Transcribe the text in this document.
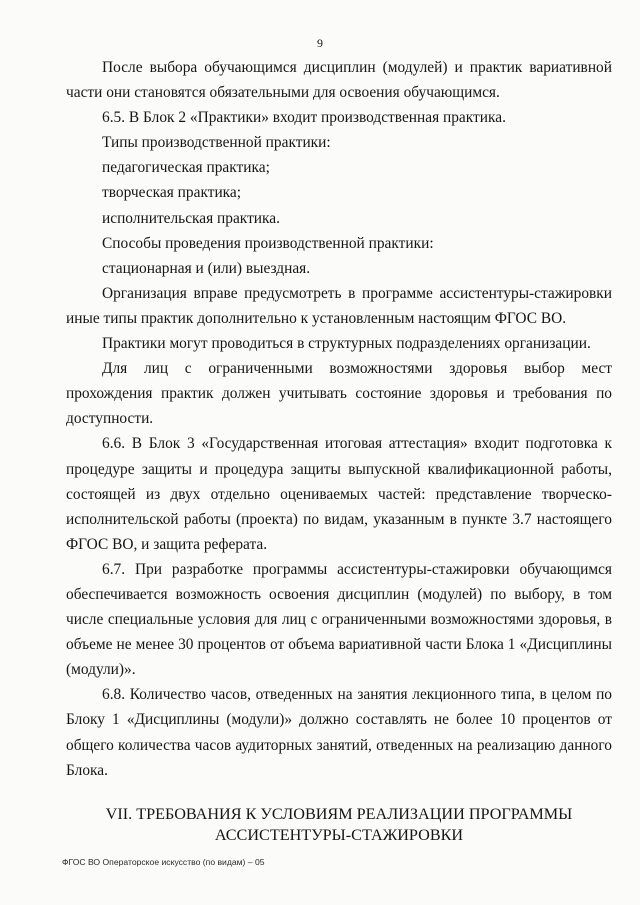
9

После выбора обучающимся дисциплин (модулей) и практик вариативной части они становятся обязательными для освоения обучающимся.

6.5. В Блок 2 «Практики» входит производственная практика.

Типы производственной практики:

педагогическая практика;

творческая практика;

исполнительская практика.

Способы проведения производственной практики:

стационарная и (или) выездная.

Организация вправе предусмотреть в программе ассистентуры-стажировки иные типы практик дополнительно к установленным настоящим ФГОС ВО.

Практики могут проводиться в структурных подразделениях организации.

Для лиц с ограниченными возможностями здоровья выбор мест прохождения практик должен учитывать состояние здоровья и требования по доступности.

6.6. В Блок 3 «Государственная итоговая аттестация» входит подготовка к процедуре защиты и процедура защиты выпускной квалификационной работы, состоящей из двух отдельно оцениваемых частей: представление творческо-исполнительской работы (проекта) по видам, указанным в пункте 3.7 настоящего ФГОС ВО, и защита реферата.

6.7. При разработке программы ассистентуры-стажировки обучающимся обеспечивается возможность освоения дисциплин (модулей) по выбору, в том числе специальные условия для лиц с ограниченными возможностями здоровья, в объеме не менее 30 процентов от объема вариативной части Блока 1 «Дисциплины (модули)».

6.8. Количество часов, отведенных на занятия лекционного типа, в целом по Блоку 1 «Дисциплины (модули)» должно составлять не более 10 процентов от общего количества часов аудиторных занятий, отведенных на реализацию данного Блока.

VII. ТРЕБОВАНИЯ К УСЛОВИЯМ РЕАЛИЗАЦИИ ПРОГРАММЫ
АССИСТЕНТУРЫ-СТАЖИРОВКИ
ФГОС ВО Операторское искусство (по видам) – 05
